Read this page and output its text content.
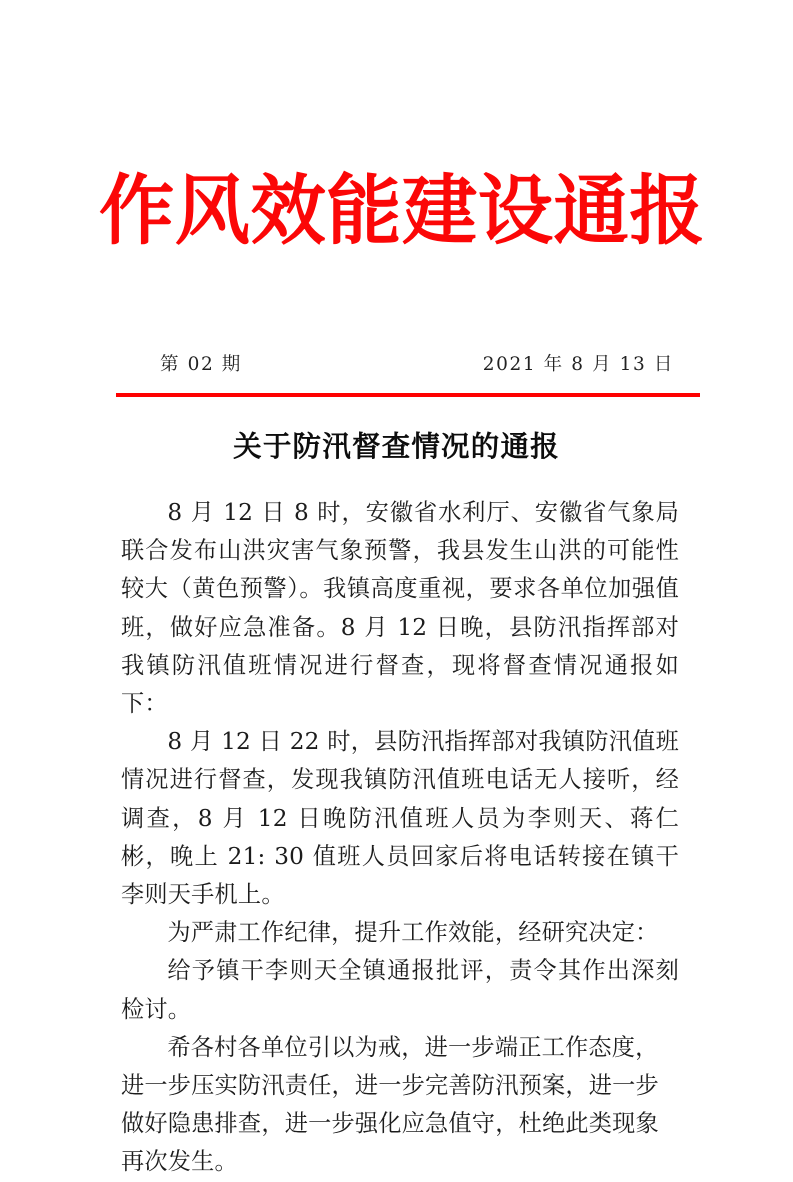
作风效能建设通报
第 02 期	2021 年 8 月 13 日
关于防汛督查情况的通报

8 月 12 日 8 时，安徽省水利厅、安徽省气象局联合发布山洪灾害气象预警，我县发生山洪的可能性较大（黄色预警）。我镇高度重视，要求各单位加强值班，做好应急准备。8 月 12 日晚，县防汛指挥部对我镇防汛值班情况进行督查，现将督查情况通报如下：

8 月 12 日 22 时，县防汛指挥部对我镇防汛值班情况进行督查，发现我镇防汛值班电话无人接听，经调查，8 月 12 日晚防汛值班人员为李则天、蒋仁彬，晚上 21: 30 值班人员回家后将电话转接在镇干李则天手机上。

为严肃工作纪律，提升工作效能，经研究决定：

给予镇干李则天全镇通报批评，责令其作出深刻检讨。

希各村各单位引以为戒，进一步端正工作态度，进一步压实防汛责任，进一步完善防汛预案，进一步做好隐患排查，进一步强化应急值守，杜绝此类现象再次发生。
